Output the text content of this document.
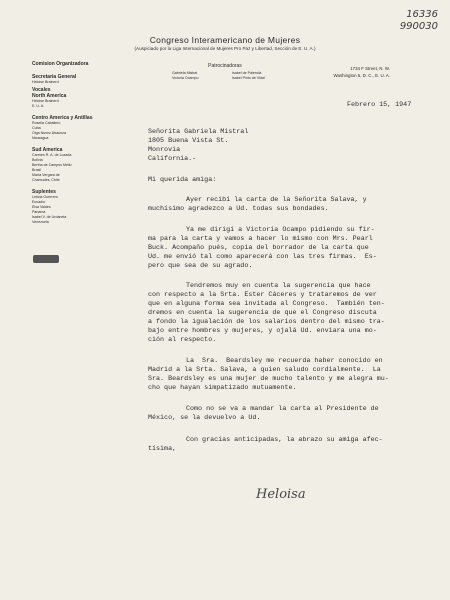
16336
990030
Congreso Interamericano de Mujeres
(Auspiciado por la Liga Internacional de Mujeres Pro Paz y Libertad, Sección de E. U. A.)
Comision Organizadora	Patrocinadoras
Gabriela Mistral
Victoria Ocampo
Isabel de Palencia
Isabel Pinto de Vidal
1734 F Street, N. W.
Washington 6, D. C., E. U. A.
Secretaria General
Heloise Brainerd
Vocales
North America
Heloise Brainerd
E. U. A.
Centro America y Antillas
Rosella Caballero
Cuba
Olga Nunez Abaunza
Nicaragua
Sud America
Carmen R. A. de Lozada
Bolivia
Bertha de Campos Mello
Brasil
Marta Vergara de
Chamudes, Chile
Suplentes
Leticia Guerrero
Ecuador
Elsa Valdes
Panamá
Isabel V. de Urdaneta
Venezuela
Febrero 15, 1947
Señorita Gabriela Mistral
1805 Buena Vista St.
Monrovia
California.-
Mi querida amiga:
Ayer recibí la carta de la Señorita Salava, y
muchísimo agradezco a Ud. todas sus bondades.
Ya me dirigí a Victoria Ocampo pidiendo su fir-
ma para la carta y vamos a hacer lo mismo con Mrs. Pearl
Buck. Acompaño pués, copia del borrador de la carta que
Ud. me envió tal como aparecerá con las tres firmas.  Es-
pero que sea de su agrado.
Tendremos muy en cuenta la sugerencia que hace
con respecto a la Srta. Ester Cáceres y trataremos de ver
que en alguna forma sea invitada al Congreso.  También ten-
dremos en cuenta la sugerencia de que el Congreso discuta
a fondo la igualación de los salarios dentro del mismo tra-
bajo entre hombres y mujeres, y ojalá Ud. enviara una mo-
ción al respecto.
La  Sra.  Beardsley me recuerda haber conocido en
Madrid a la Srta. Salava, a quien saludo cordialmente.  La
Sra. Beardsley es una mujer de mucho talento y me alegra mu-
cho que hayan simpatizado mutuamente.
Como no se va a mandar la carta al Presidente de
México, se la devuelvo a Ud.
Con gracias anticipadas, la abrazo su amiga afec-
tísima,
Heloisa
